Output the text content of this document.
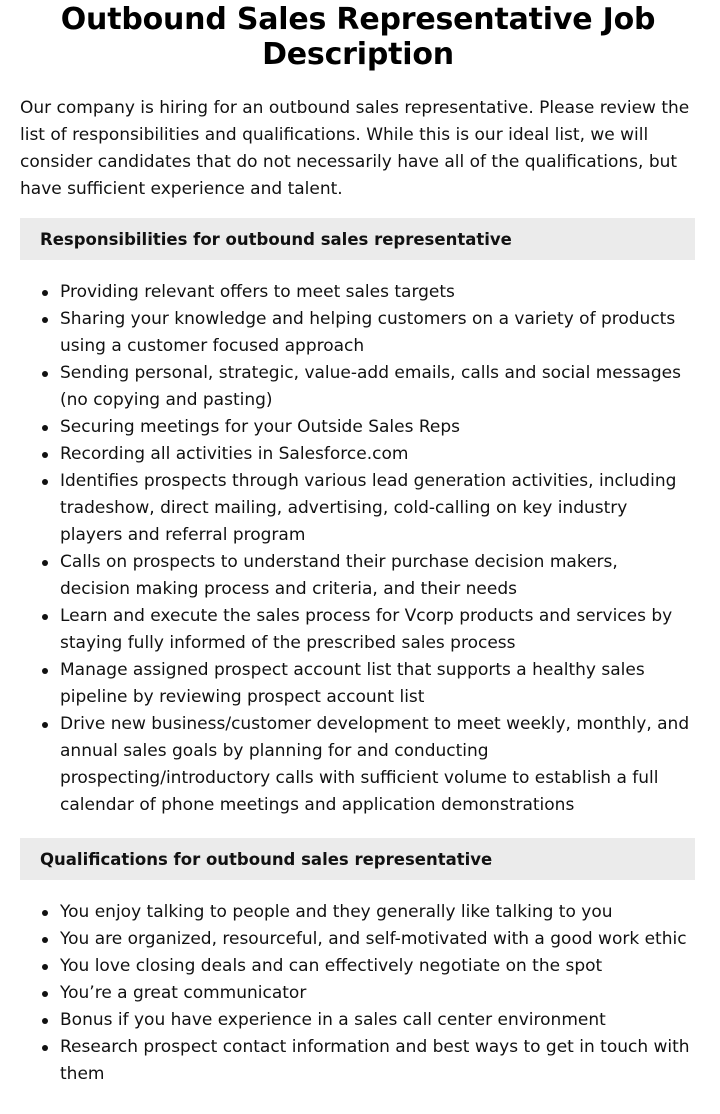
Outbound Sales Representative Job Description

Our company is hiring for an outbound sales representative. Please review the list of responsibilities and qualifications. While this is our ideal list, we will consider candidates that do not necessarily have all of the qualifications, but have sufficient experience and talent.

Responsibilities for outbound sales representative
Providing relevant offers to meet sales targets
Sharing your knowledge and helping customers on a variety of products using a customer focused approach
Sending personal, strategic, value-add emails, calls and social messages (no copying and pasting)
Securing meetings for your Outside Sales Reps
Recording all activities in Salesforce.com
Identifies prospects through various lead generation activities, including tradeshow, direct mailing, advertising, cold-calling on key industry players and referral program
Calls on prospects to understand their purchase decision makers, decision making process and criteria, and their needs
Learn and execute the sales process for Vcorp products and services by staying fully informed of the prescribed sales process
Manage assigned prospect account list that supports a healthy sales pipeline by reviewing prospect account list
Drive new business/customer development to meet weekly, monthly, and annual sales goals by planning for and conducting prospecting/introductory calls with sufficient volume to establish a full calendar of phone meetings and application demonstrations
Qualifications for outbound sales representative
You enjoy talking to people and they generally like talking to you
You are organized, resourceful, and self-motivated with a good work ethic
You love closing deals and can effectively negotiate on the spot
You’re a great communicator
Bonus if you have experience in a sales call center environment
Research prospect contact information and best ways to get in touch with them
